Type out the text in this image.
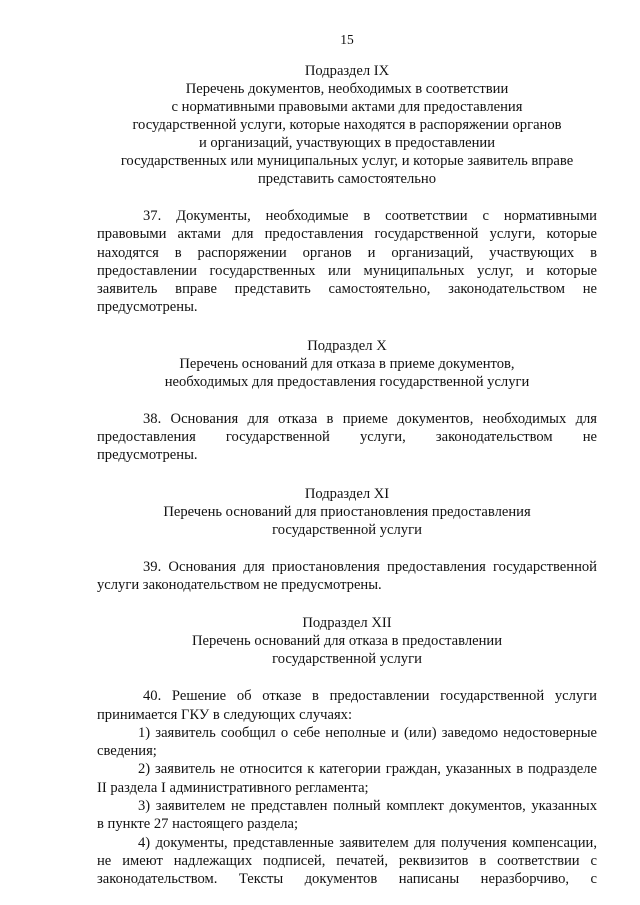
15
Подраздел IX
Перечень документов, необходимых в соответствии
с нормативными правовыми актами для предоставления
государственной услуги, которые находятся в распоряжении органов
и организаций, участвующих в предоставлении
государственных или муниципальных услуг, и которые заявитель вправе
представить самостоятельно
37. Документы, необходимые в соответствии с нормативными
правовыми актами для предоставления государственной услуги, которые
находятся в распоряжении органов и организаций, участвующих в
предоставлении государственных или муниципальных услуг, и которые
заявитель вправе представить самостоятельно, законодательством не
предусмотрены.
Подраздел X
Перечень оснований для отказа в приеме документов,
необходимых для предоставления государственной услуги
38. Основания для отказа в приеме документов, необходимых для
предоставления государственной услуги, законодательством не
предусмотрены.
Подраздел XI
Перечень оснований для приостановления предоставления
государственной услуги
39. Основания для приостановления предоставления государственной
услуги законодательством не предусмотрены.
Подраздел XII
Перечень оснований для отказа в предоставлении
государственной услуги
40. Решение об отказе в предоставлении государственной услуги
принимается ГКУ в следующих случаях:
1) заявитель сообщил о себе неполные и (или) заведомо недостоверные
сведения;
2) заявитель не относится к категории граждан, указанных в подразделе
II раздела I административного регламента;
3) заявителем не представлен полный комплект документов, указанных
в пункте 27 настоящего раздела;
4) документы, представленные заявителем для получения компенсации,
не имеют надлежащих подписей, печатей, реквизитов в соответствии с
законодательством. Тексты документов написаны неразборчиво, с
